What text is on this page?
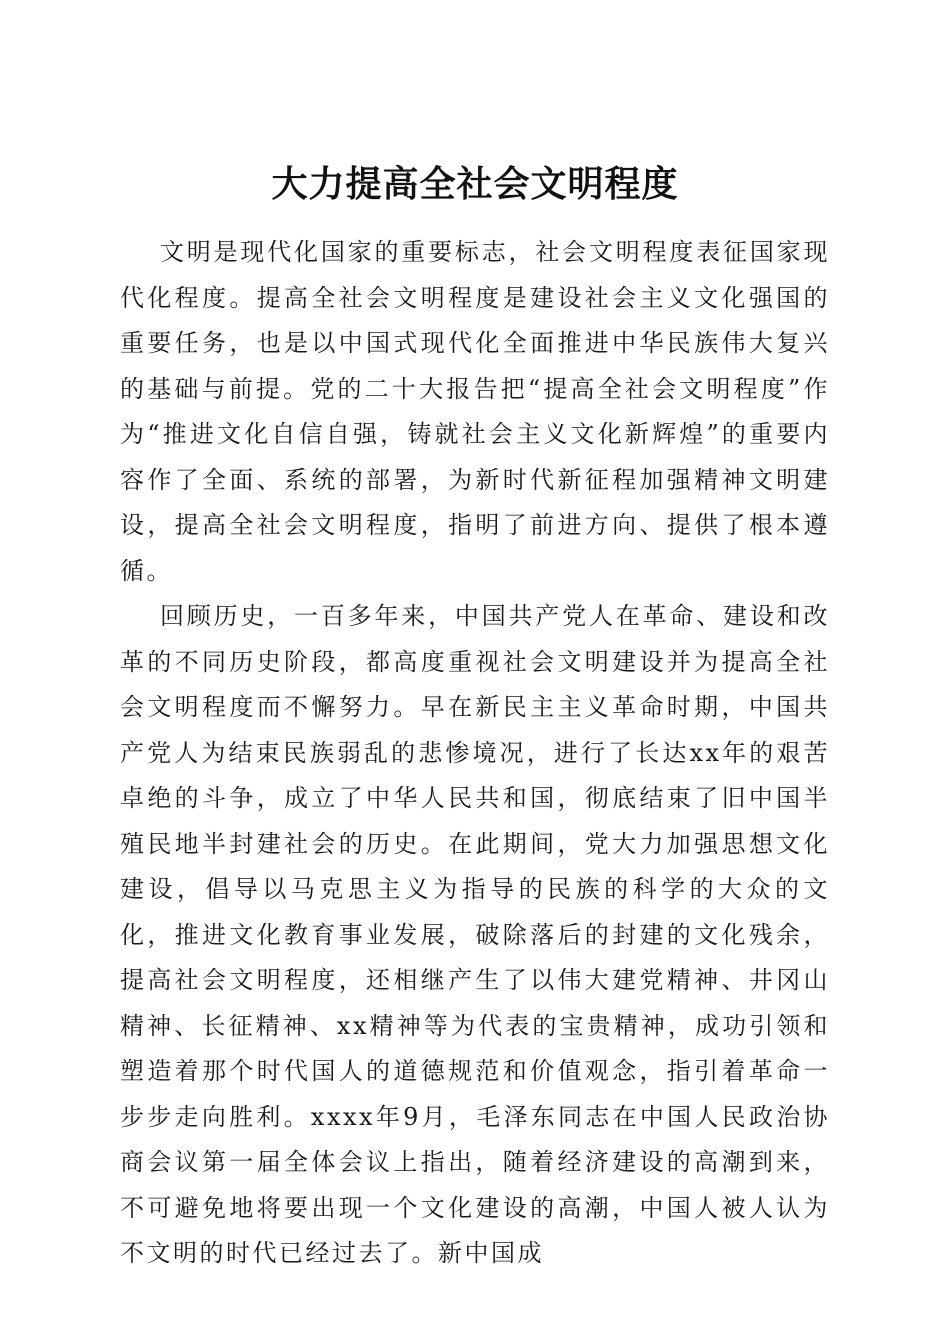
大力提高全社会文明程度

文明是现代化国家的重要标志，社会文明程度表征国家现代化程度。提高全社会文明程度是建设社会主义文化强国的重要任务，也是以中国式现代化全面推进中华民族伟大复兴的基础与前提。党的二十大报告把“提高全社会文明程度”作为“推进文化自信自强，铸就社会主义文化新辉煌”的重要内容作了全面、系统的部署，为新时代新征程加强精神文明建设，提高全社会文明程度，指明了前进方向、提供了根本遵循。

回顾历史，一百多年来，中国共产党人在革命、建设和改革的不同历史阶段，都高度重视社会文明建设并为提高全社会文明程度而不懈努力。早在新民主主义革命时期，中国共产党人为结束民族弱乱的悲惨境况，进行了长达xx年的艰苦卓绝的斗争，成立了中华人民共和国，彻底结束了旧中国半殖民地半封建社会的历史。在此期间，党大力加强思想文化建设，倡导以马克思主义为指导的民族的科学的大众的文化，推进文化教育事业发展，破除落后的封建的文化残余，提高社会文明程度，还相继产生了以伟大建党精神、井冈山精神、长征精神、xx精神等为代表的宝贵精神，成功引领和塑造着那个时代国人的道德规范和价值观念，指引着革命一步步走向胜利。xxxx年9月，毛泽东同志在中国人民政治协商会议第一届全体会议上指出，随着经济建设的高潮到来，不可避免地将要出现一个文化建设的高潮，中国人被人认为不文明的时代已经过去了。新中国成
